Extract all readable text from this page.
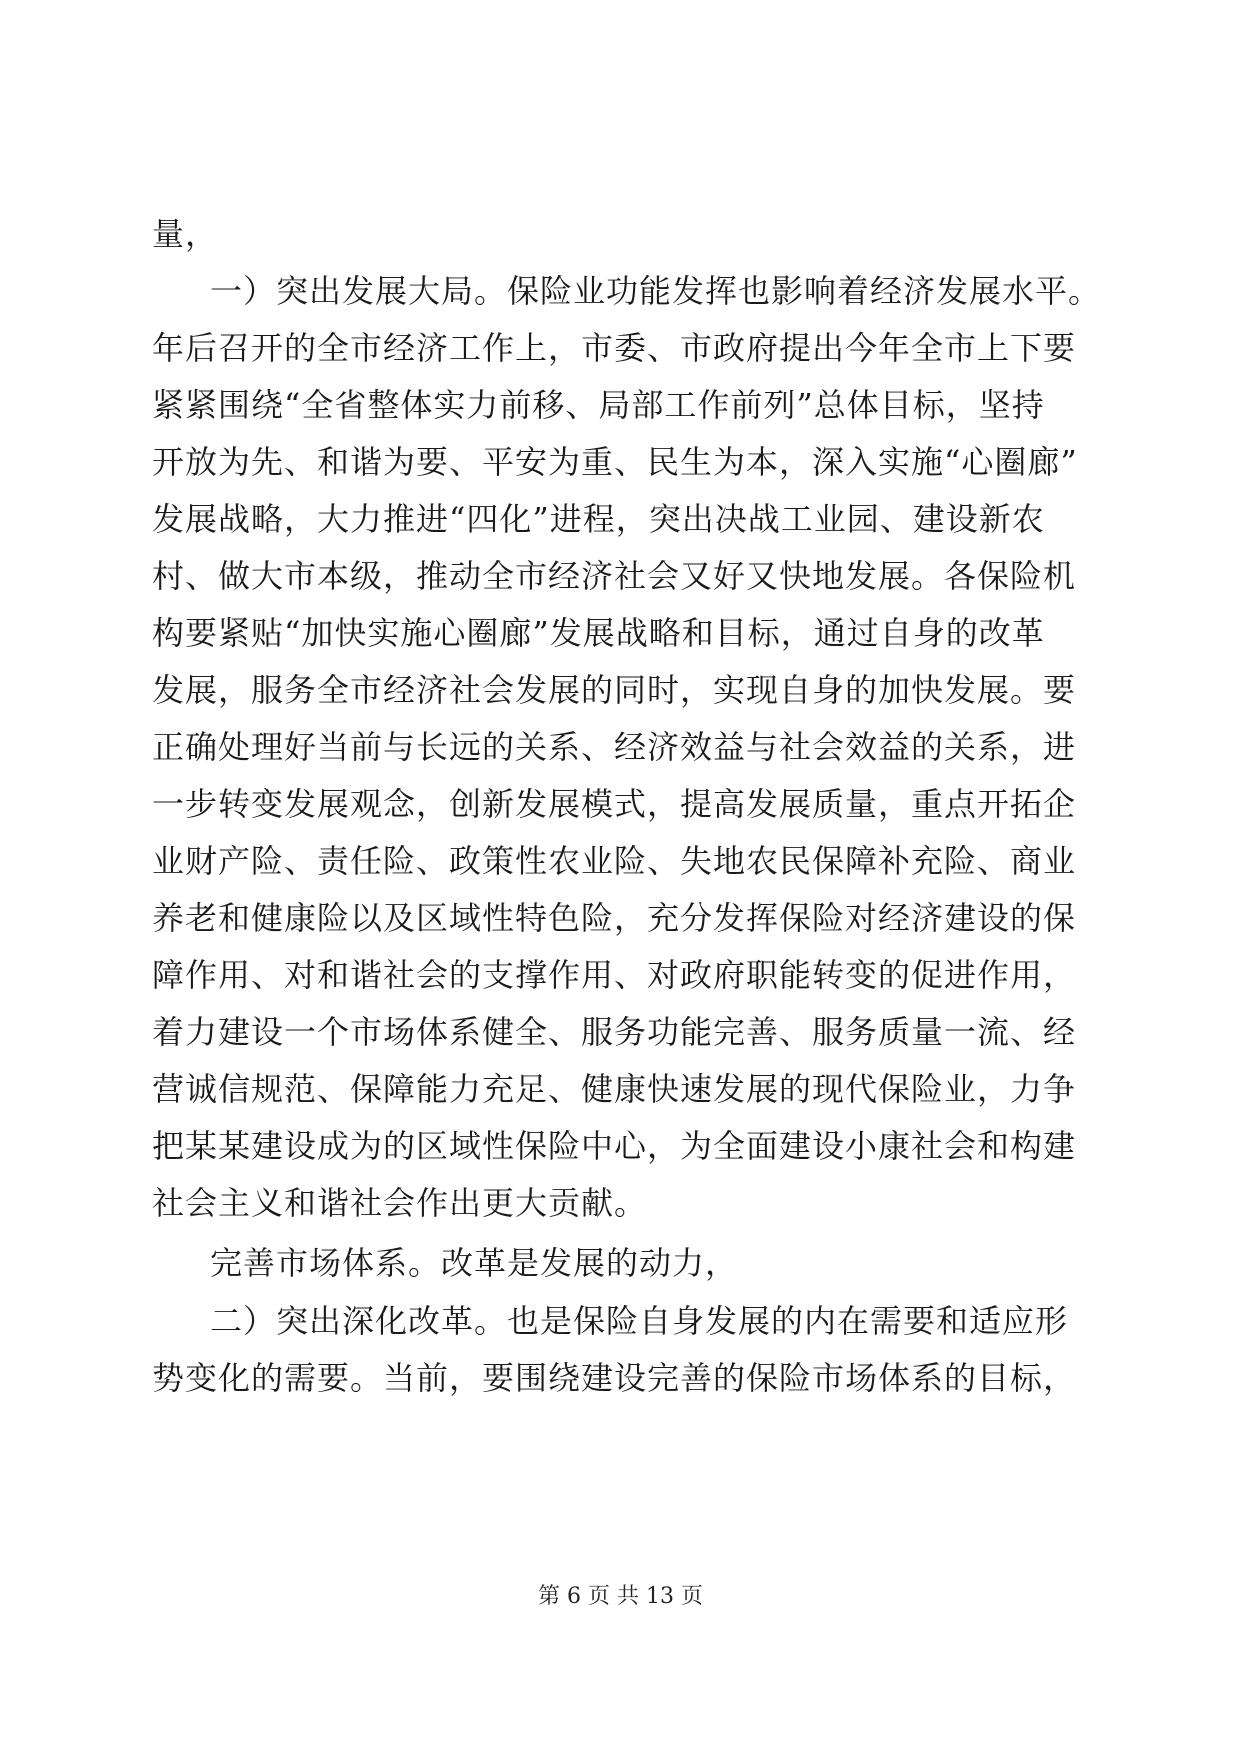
量，
一）突出发展大局。保险业功能发挥也影响着经济发展水平。
年后召开的全市经济工作上，市委、市政府提出今年全市上下要
紧紧围绕“全省整体实力前移、局部工作前列”总体目标，坚持
开放为先、和谐为要、平安为重、民生为本，深入实施“心圈廊”
发展战略，大力推进“四化”进程，突出决战工业园、建设新农
村、做大市本级，推动全市经济社会又好又快地发展。各保险机
构要紧贴“加快实施心圈廊”发展战略和目标，通过自身的改革
发展，服务全市经济社会发展的同时，实现自身的加快发展。要
正确处理好当前与长远的关系、经济效益与社会效益的关系，进
一步转变发展观念，创新发展模式，提高发展质量，重点开拓企
业财产险、责任险、政策性农业险、失地农民保障补充险、商业
养老和健康险以及区域性特色险，充分发挥保险对经济建设的保
障作用、对和谐社会的支撑作用、对政府职能转变的促进作用，
着力建设一个市场体系健全、服务功能完善、服务质量一流、经
营诚信规范、保障能力充足、健康快速发展的现代保险业，力争
把某某建设成为的区域性保险中心，为全面建设小康社会和构建
社会主义和谐社会作出更大贡献。
完善市场体系。改革是发展的动力，
二）突出深化改革。也是保险自身发展的内在需要和适应形
势变化的需要。当前，要围绕建设完善的保险市场体系的目标，
第 6 页 共 13 页
